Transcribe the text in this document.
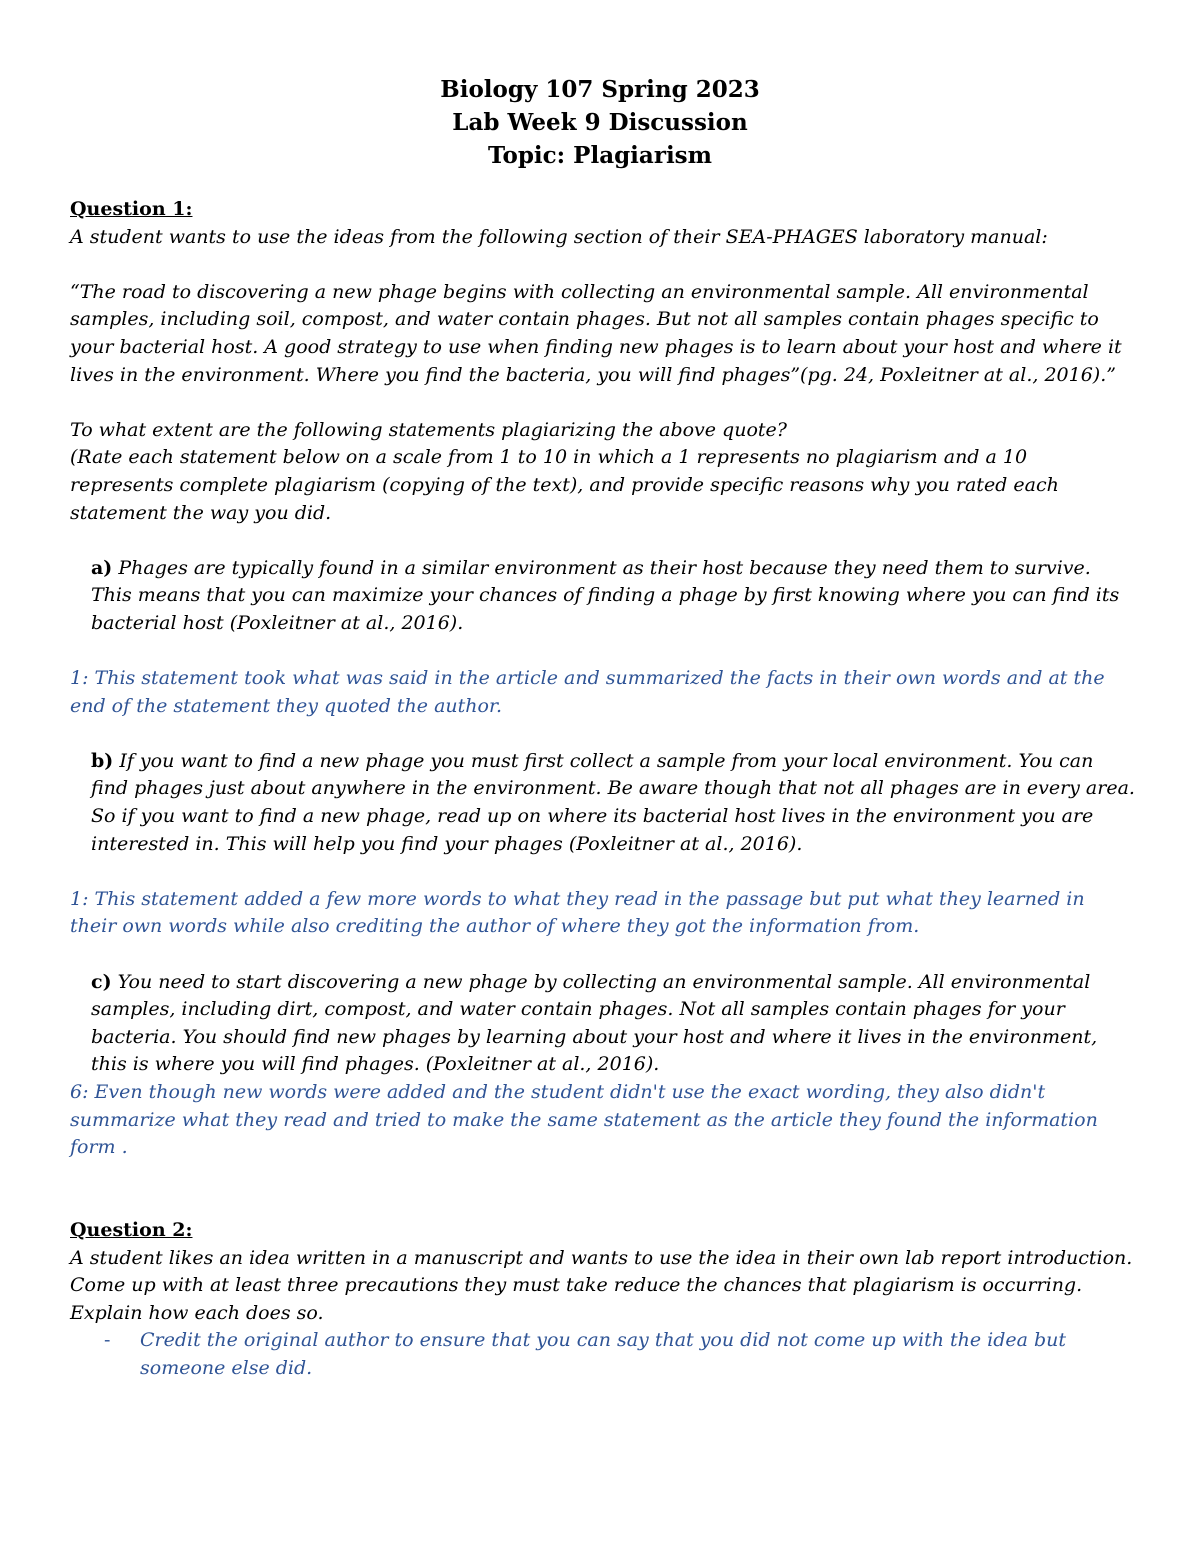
Biology 107 Spring 2023
Lab Week 9 Discussion
Topic: Plagiarism

Question 1:

A student wants to use the ideas from the following section of their SEA-PHAGES laboratory manual:

“The road to discovering a new phage begins with collecting an environmental sample. All environmental samples, including soil, compost, and water contain phages. But not all samples contain phages specific to your bacterial host. A good strategy to use when finding new phages is to learn about your host and where it lives in the environment. Where you find the bacteria, you will find phages”(pg. 24, Poxleitner at al., 2016).”

To what extent are the following statements plagiarizing the above quote?

(Rate each statement below on a scale from 1 to 10 in which a 1 represents no plagiarism and a 10 represents complete plagiarism (copying of the text), and provide specific reasons why you rated each statement the way you did.

a) Phages are typically found in a similar environment as their host because they need them to survive. This means that you can maximize your chances of finding a phage by first knowing where you can find its bacterial host (Poxleitner at al., 2016).

1: This statement took what was said in the article and summarized the facts in their own words and at the end of the statement they quoted the author.

b) If you want to find a new phage you must first collect a sample from your local environment. You can find phages just about anywhere in the environment. Be aware though that not all phages are in every area. So if you want to find a new phage, read up on where its bacterial host lives in the environment you are interested in. This will help you find your phages (Poxleitner at al., 2016).

1: This statement added a few more words to what they read in the passage but put what they learned in their own words while also crediting the author of where they got the information from.

c) You need to start discovering a new phage by collecting an environmental sample. All environmental samples, including dirt, compost, and water contain phages. Not all samples contain phages for your bacteria. You should find new phages by learning about your host and where it lives in the environment, this is where you will find phages. (Poxleitner at al., 2016).

6: Even though new words were added and the student didn't use the exact wording, they also didn't summarize what they read and tried to make the same statement as the article they found the information form .

Question 2:

A student likes an idea written in a manuscript and wants to use the idea in their own lab report introduction. Come up with at least three precautions they must take reduce the chances that plagiarism is occurring. Explain how each does so.

-	Credit the original author to ensure that you can say that you did not come up with the idea but someone else did.
